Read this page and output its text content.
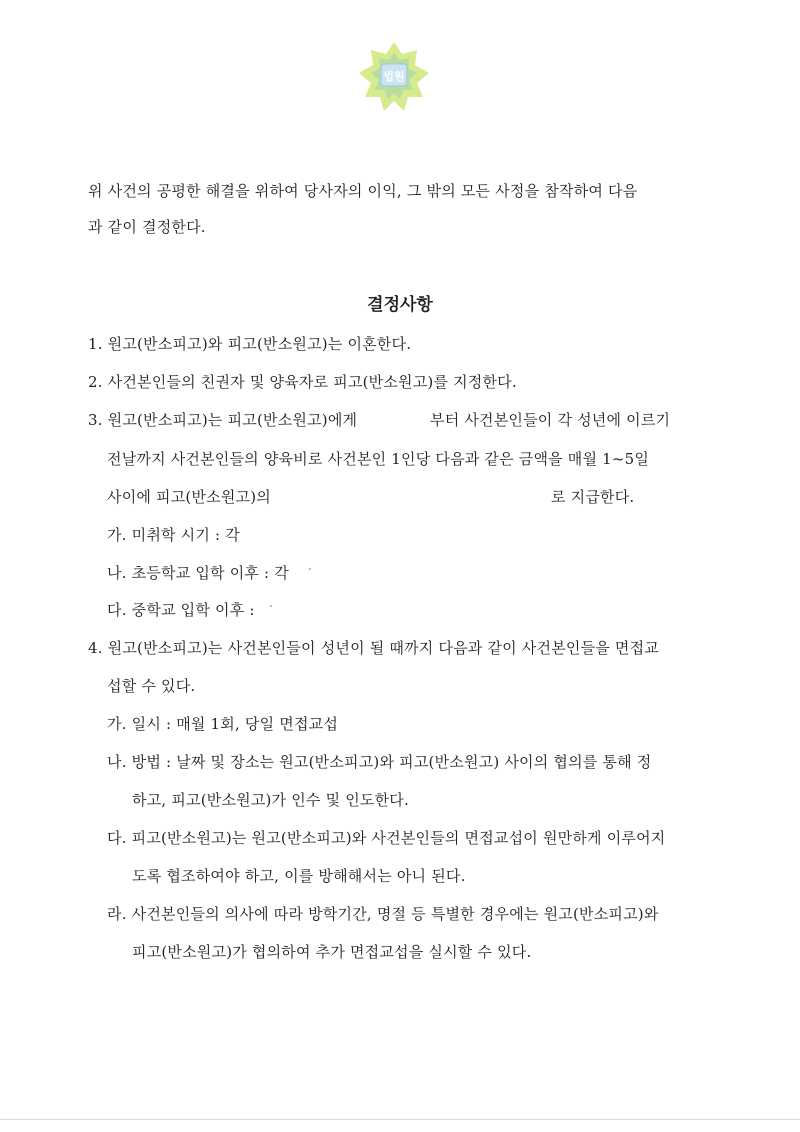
법원
위 사건의 공평한 해결을 위하여 당사자의 이익, 그 밖의 모든 사정을 참작하여 다음
과 같이 결정한다.
결정사항
1. 원고(반소피고)와 피고(반소원고)는 이혼한다.
2. 사건본인들의 친권자 및 양육자로 피고(반소원고)를 지정한다.
3. 원고(반소피고)는 피고(반소원고)에게	부터 사건본인들이 각 성년에 이르기
전날까지 사건본인들의 양육비로 사건본인 1인당 다음과 같은 금액을 매월 1~5일
사이에 피고(반소원고)의	로 지급한다.
가. 미취학 시기 : 각
나. 초등학교 입학 이후 : 각
다. 중학교 입학 이후 :
4. 원고(반소피고)는 사건본인들이 성년이 될 때까지 다음과 같이 사건본인들을 면접교
섭할 수 있다.
가. 일시 : 매월 1회, 당일 면접교섭
나. 방법 : 날짜 및 장소는 원고(반소피고)와 피고(반소원고) 사이의 협의를 통해 정
하고, 피고(반소원고)가 인수 및 인도한다.
다. 피고(반소원고)는 원고(반소피고)와 사건본인들의 면접교섭이 원만하게 이루어지
도록 협조하여야 하고, 이를 방해해서는 아니 된다.
라. 사건본인들의 의사에 따라 방학기간, 명절 등 특별한 경우에는 원고(반소피고)와
피고(반소원고)가 협의하여 추가 면접교섭을 실시할 수 있다.
